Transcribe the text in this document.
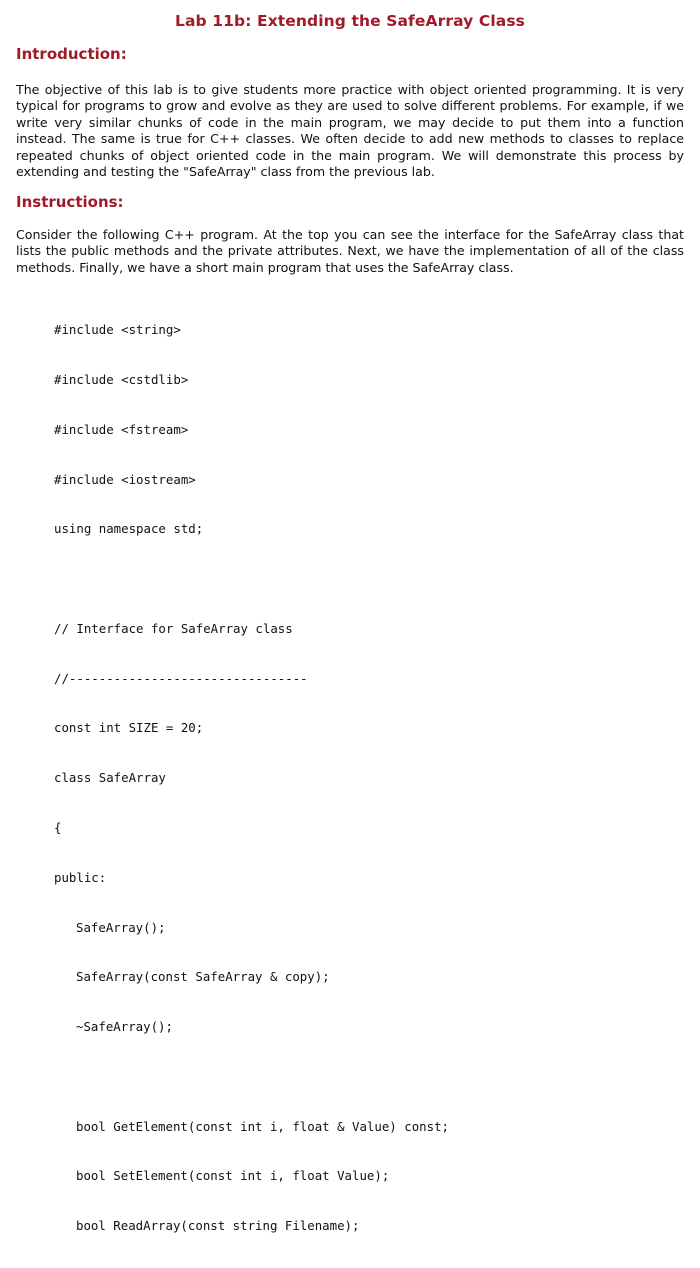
Lab 11b: Extending the SafeArray Class
Introduction:

The objective of this lab is to give students more practice with object oriented programming. It is very typical for programs to grow and evolve as they are used to solve different problems. For example, if we write very similar chunks of code in the main program, we may decide to put them into a function instead. The same is true for C++ classes. We often decide to add new methods to classes to replace repeated chunks of object oriented code in the main program. We will demonstrate this process by extending and testing the "SafeArray" class from the previous lab.

Instructions:

Consider the following C++ program. At the top you can see the interface for the SafeArray class that lists the public methods and the private attributes. Next, we have the implementation of all of the class methods. Finally, we have a short main program that uses the SafeArray class.

#include <string>

#include <cstdlib>

#include <fstream>

#include <iostream>

using namespace std;

// Interface for SafeArray class

//--------------------------------

const int SIZE = 20;

class SafeArray

{

public:

SafeArray();

SafeArray(const SafeArray & copy);

~SafeArray();

bool GetElement(const int i, float & Value) const;

bool SetElement(const int i, float Value);

bool ReadArray(const string Filename);
